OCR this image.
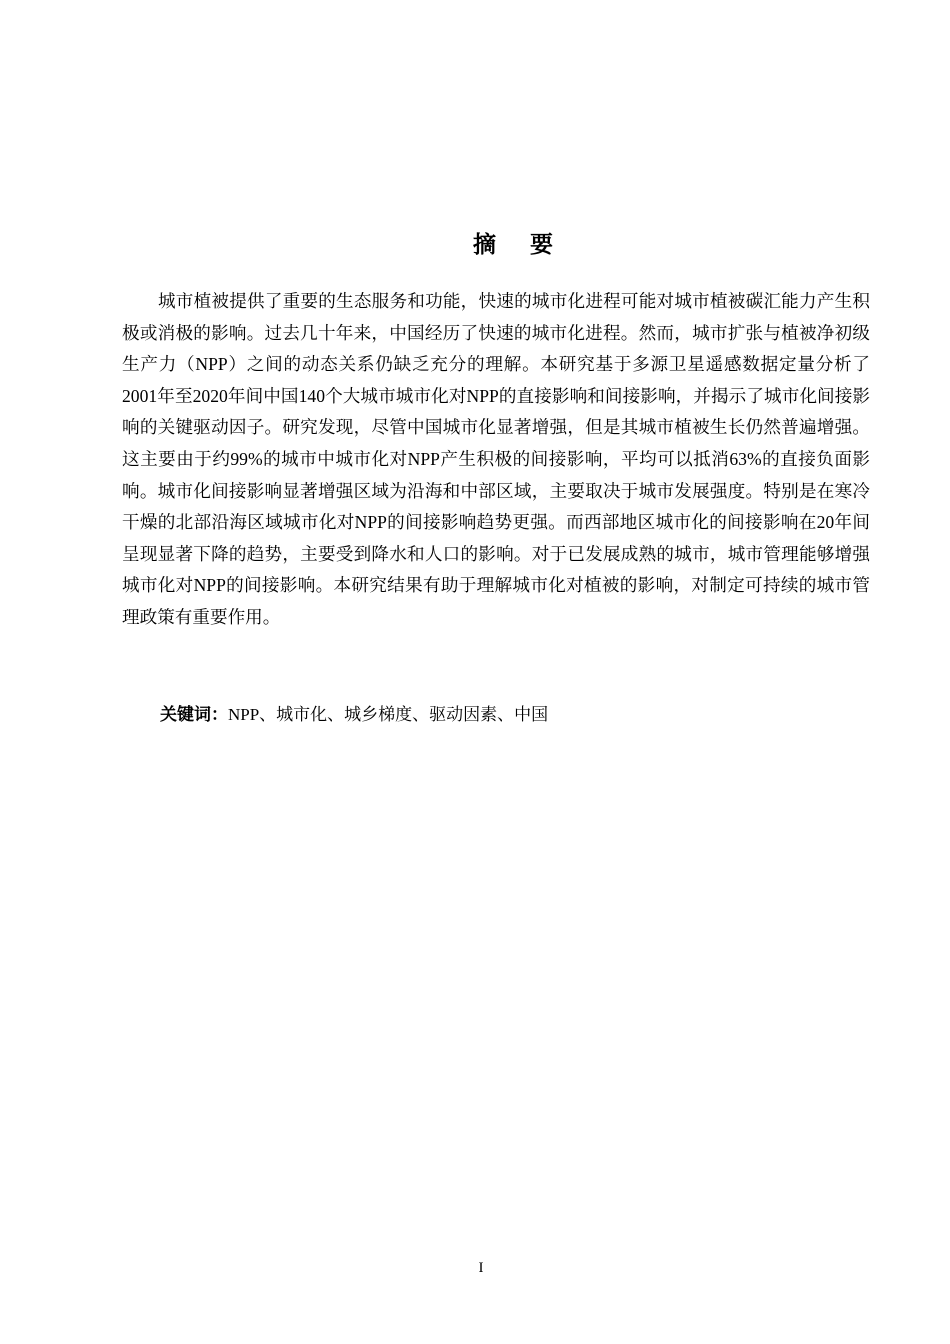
摘 要

城市植被提供了重要的生态服务和功能，快速的城市化进程可能对城市植被碳汇能力产生积极或消极的影响。过去几十年来，中国经历了快速的城市化进程。然而，城市扩张与植被净初级生产力（NPP）之间的动态关系仍缺乏充分的理解。本研究基于多源卫星遥感数据定量分析了2001年至2020年间中国140个大城市城市化对NPP的直接影响和间接影响，并揭示了城市化间接影响的关键驱动因子。研究发现，尽管中国城市化显著增强，但是其城市植被生长仍然普遍增强。这主要由于约99%的城市中城市化对NPP产生积极的间接影响，平均可以抵消63%的直接负面影响。城市化间接影响显著增强区域为沿海和中部区域，主要取决于城市发展强度。特别是在寒冷干燥的北部沿海区域城市化对NPP的间接影响趋势更强。而西部地区城市化的间接影响在20年间呈现显著下降的趋势，主要受到降水和人口的影响。对于已发展成熟的城市，城市管理能够增强城市化对NPP的间接影响。本研究结果有助于理解城市化对植被的影响，对制定可持续的城市管理政策有重要作用。

关键词：NPP、城市化、城乡梯度、驱动因素、中国

I
